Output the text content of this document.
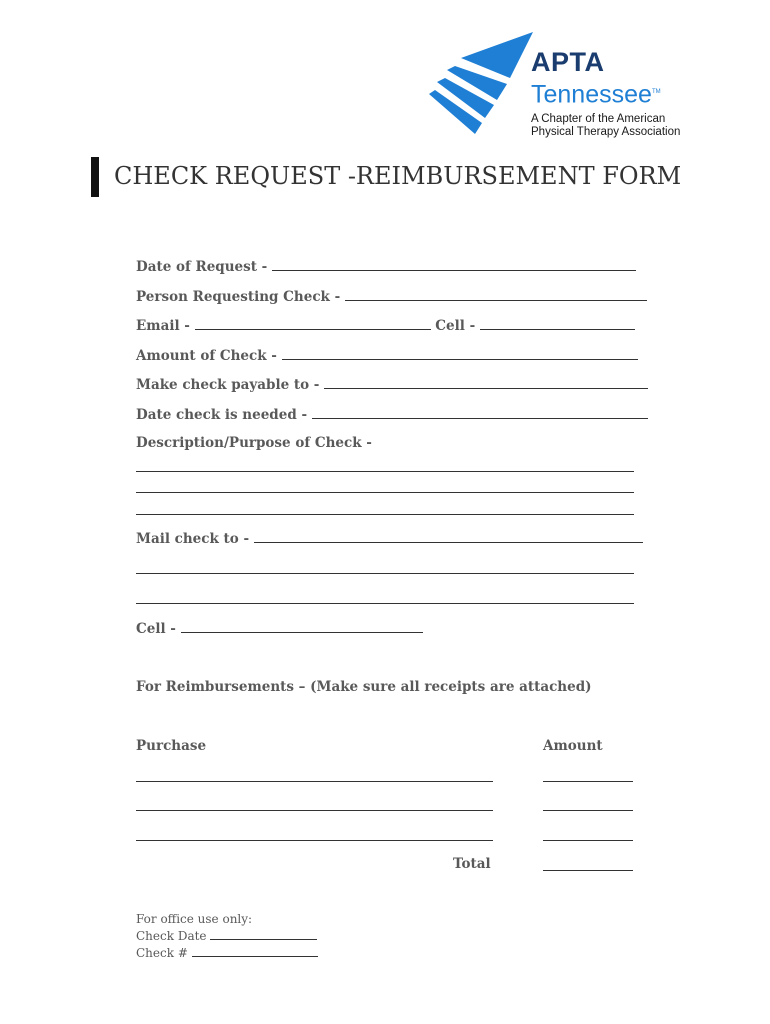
APTA
Tennessee™
A Chapter of the American
Physical Therapy Association
CHECK REQUEST -REIMBURSEMENT FORM
Date of Request -
Person Requesting Check -
Email -	Cell -
Amount of Check -
Make check payable to -
Date check is needed -
Description/Purpose of Check -
Mail check to -
Cell -
For Reimbursements – (Make sure all receipts are attached)
Purchase	Amount
Total
For office use only:
Check Date
Check #
